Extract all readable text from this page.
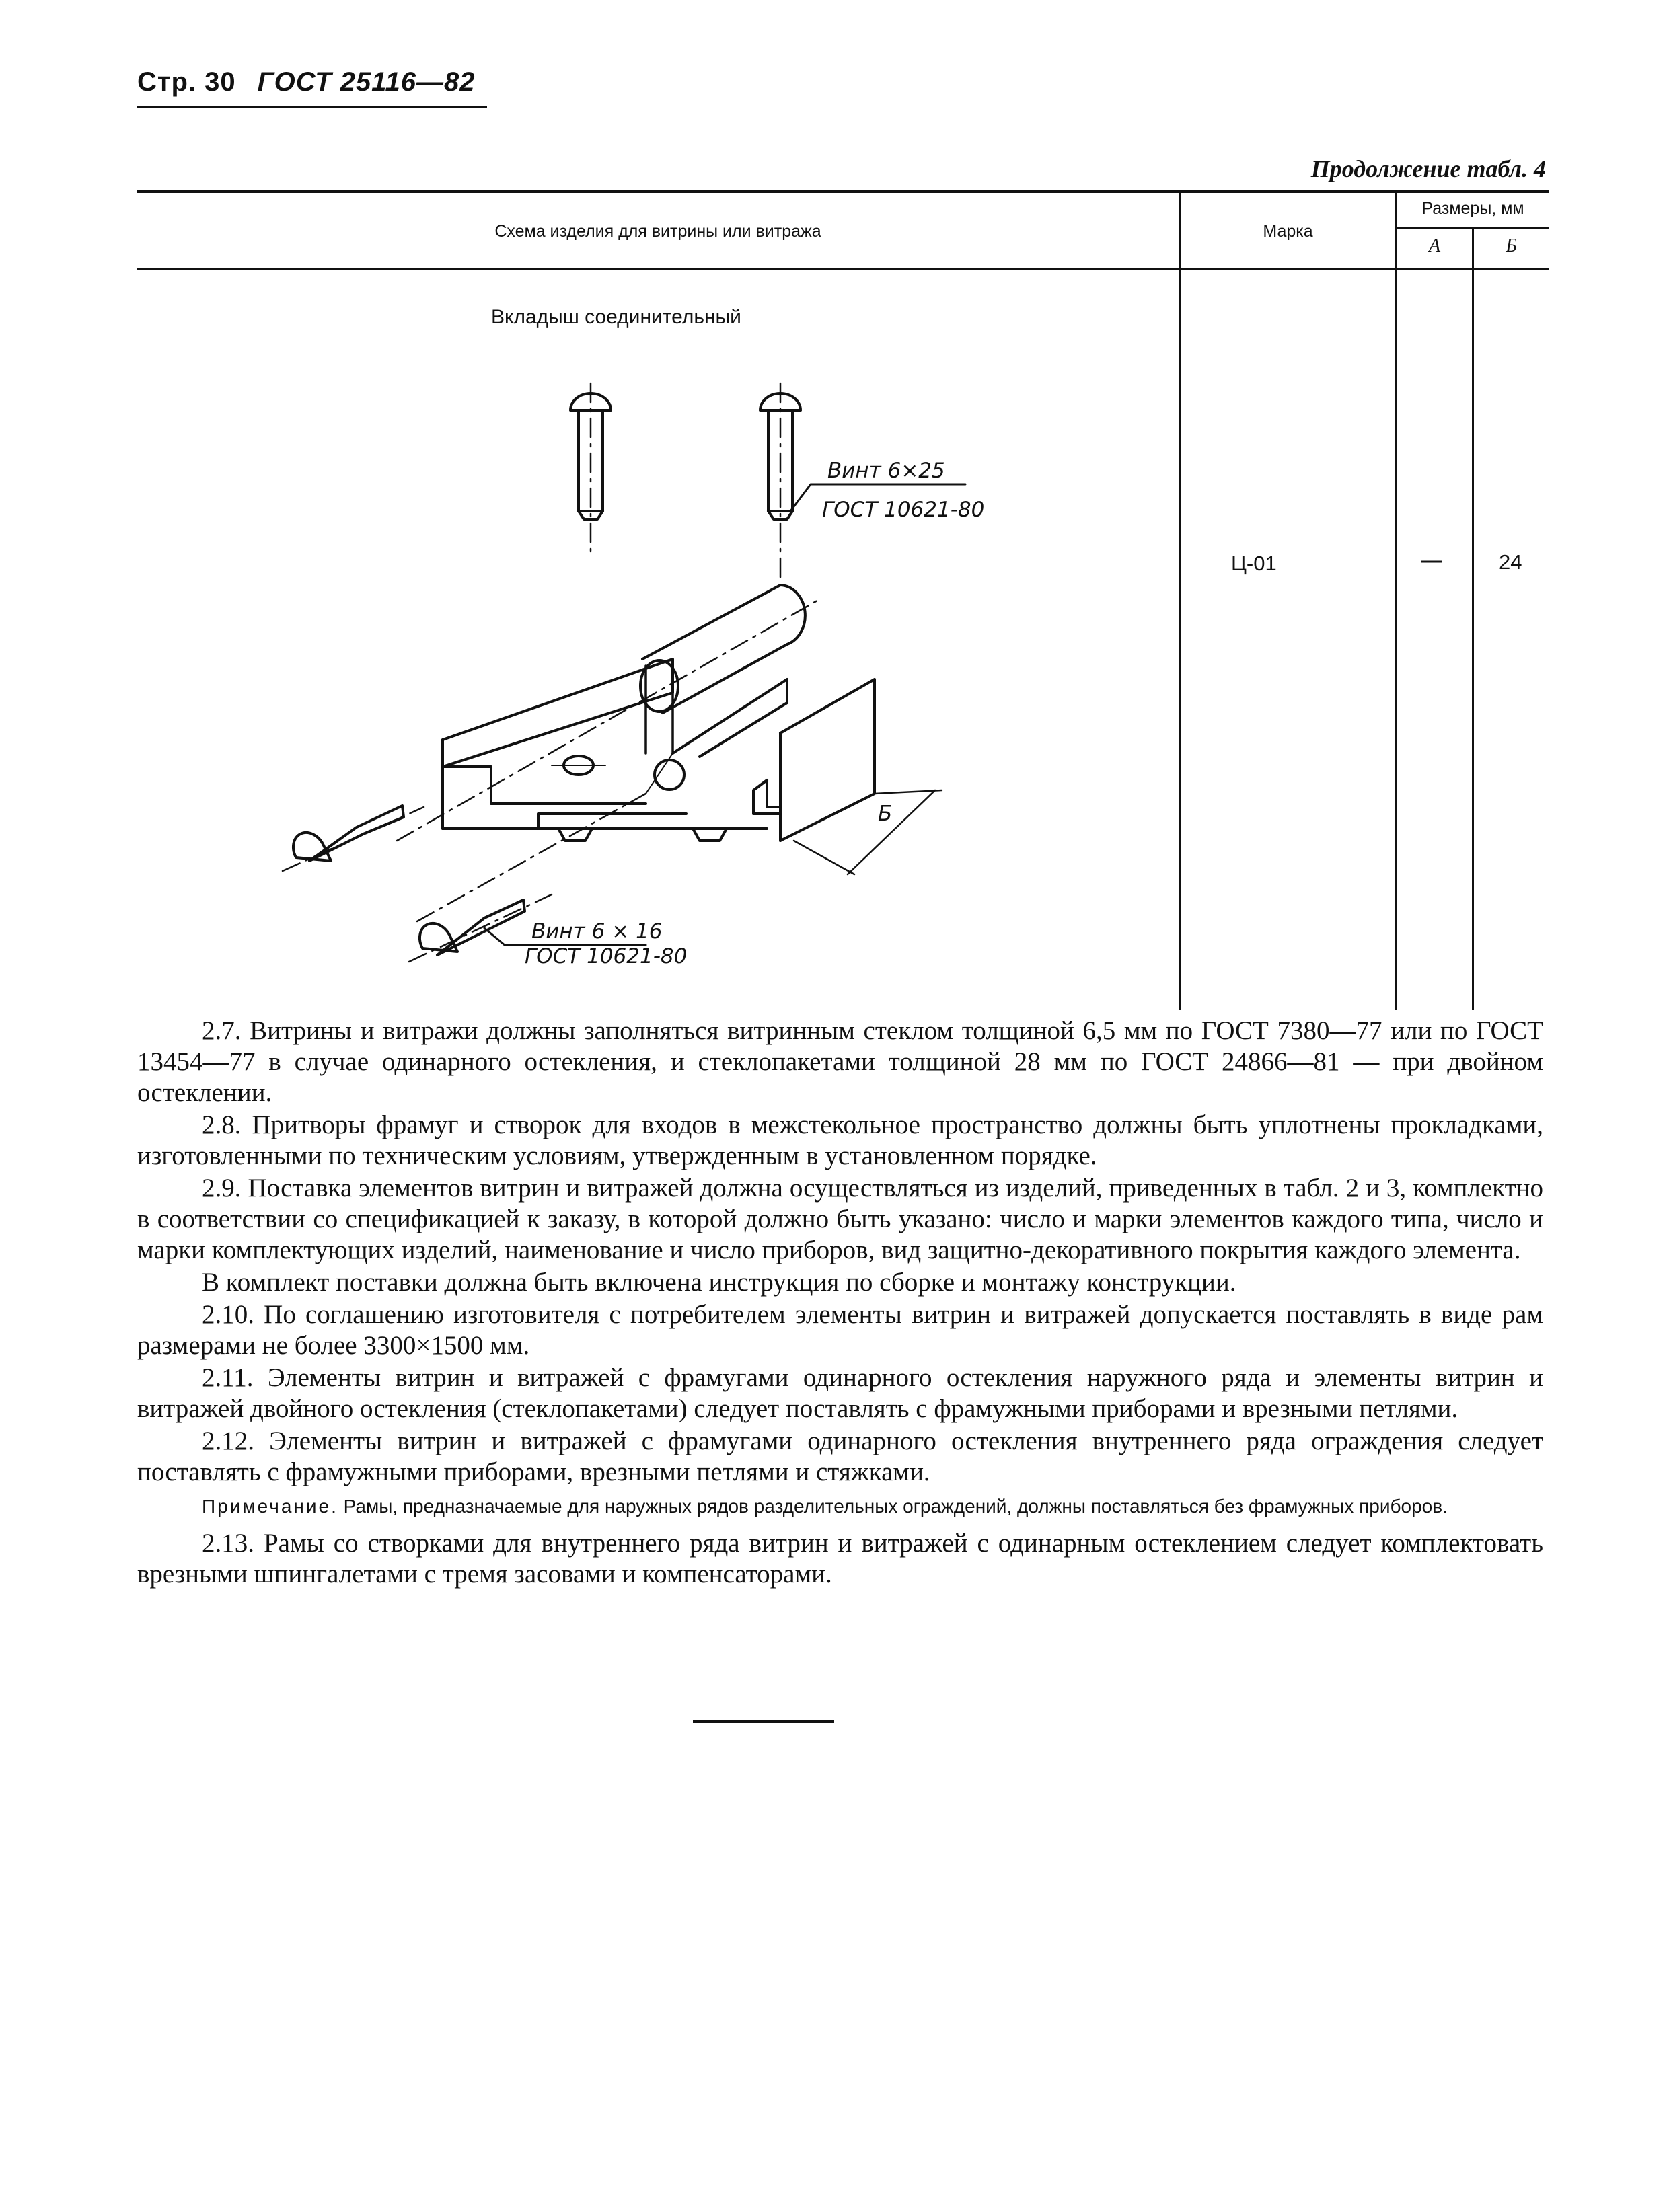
Стр. 30 ГОСТ 25116—82
Продолжение табл. 4
Схема изделия для витрины или витража	Марка
Размеры, мм
А	Б
Вкладыш соединительный
Ц-01	—	24
Винт 6×25
ГОСТ 10621-80
Б
Винт 6 × 16
ГОСТ 10621-80

2.7. Витрины и витражи должны заполняться витринным стеклом толщиной 6,5 мм по ГОСТ 7380—77 или по ГОСТ 13454—77 в случае одинарного остекления, и стеклопакетами толщиной 28 мм по ГОСТ 24866—81 — при двойном остеклении.

2.8. Притворы фрамуг и створок для входов в межстекольное пространство должны быть уплотнены прокладками, изготовленными по техническим условиям, утвержденным в установленном порядке.

2.9. Поставка элементов витрин и витражей должна осуществляться из изделий, приведенных в табл. 2 и 3, комплектно в соответствии со спецификацией к заказу, в которой должно быть указано: число и марки элементов каждого типа, число и марки комплектующих изделий, наименование и число приборов, вид защитно-декоративного покрытия каждого элемента.

В комплект поставки должна быть включена инструкция по сборке и монтажу конструкции.

2.10. По соглашению изготовителя с потребителем элементы витрин и витражей допускается поставлять в виде рам размерами не более 3300×1500 мм.

2.11. Элементы витрин и витражей с фрамугами одинарного остекления наружного ряда и элементы витрин и витражей двойного остекления (стеклопакетами) следует поставлять с фрамужными приборами и врезными петлями.

2.12. Элементы витрин и витражей с фрамугами одинарного остекления внутреннего ряда ограждения следует поставлять с фрамужными приборами, врезными петлями и стяжками.

Примечание. Рамы, предназначаемые для наружных рядов разделительных ограждений, должны поставляться без фрамужных приборов.

2.13. Рамы со створками для внутреннего ряда витрин и витражей с одинарным остеклением следует комплектовать врезными шпингалетами с тремя засовами и компенсаторами.
